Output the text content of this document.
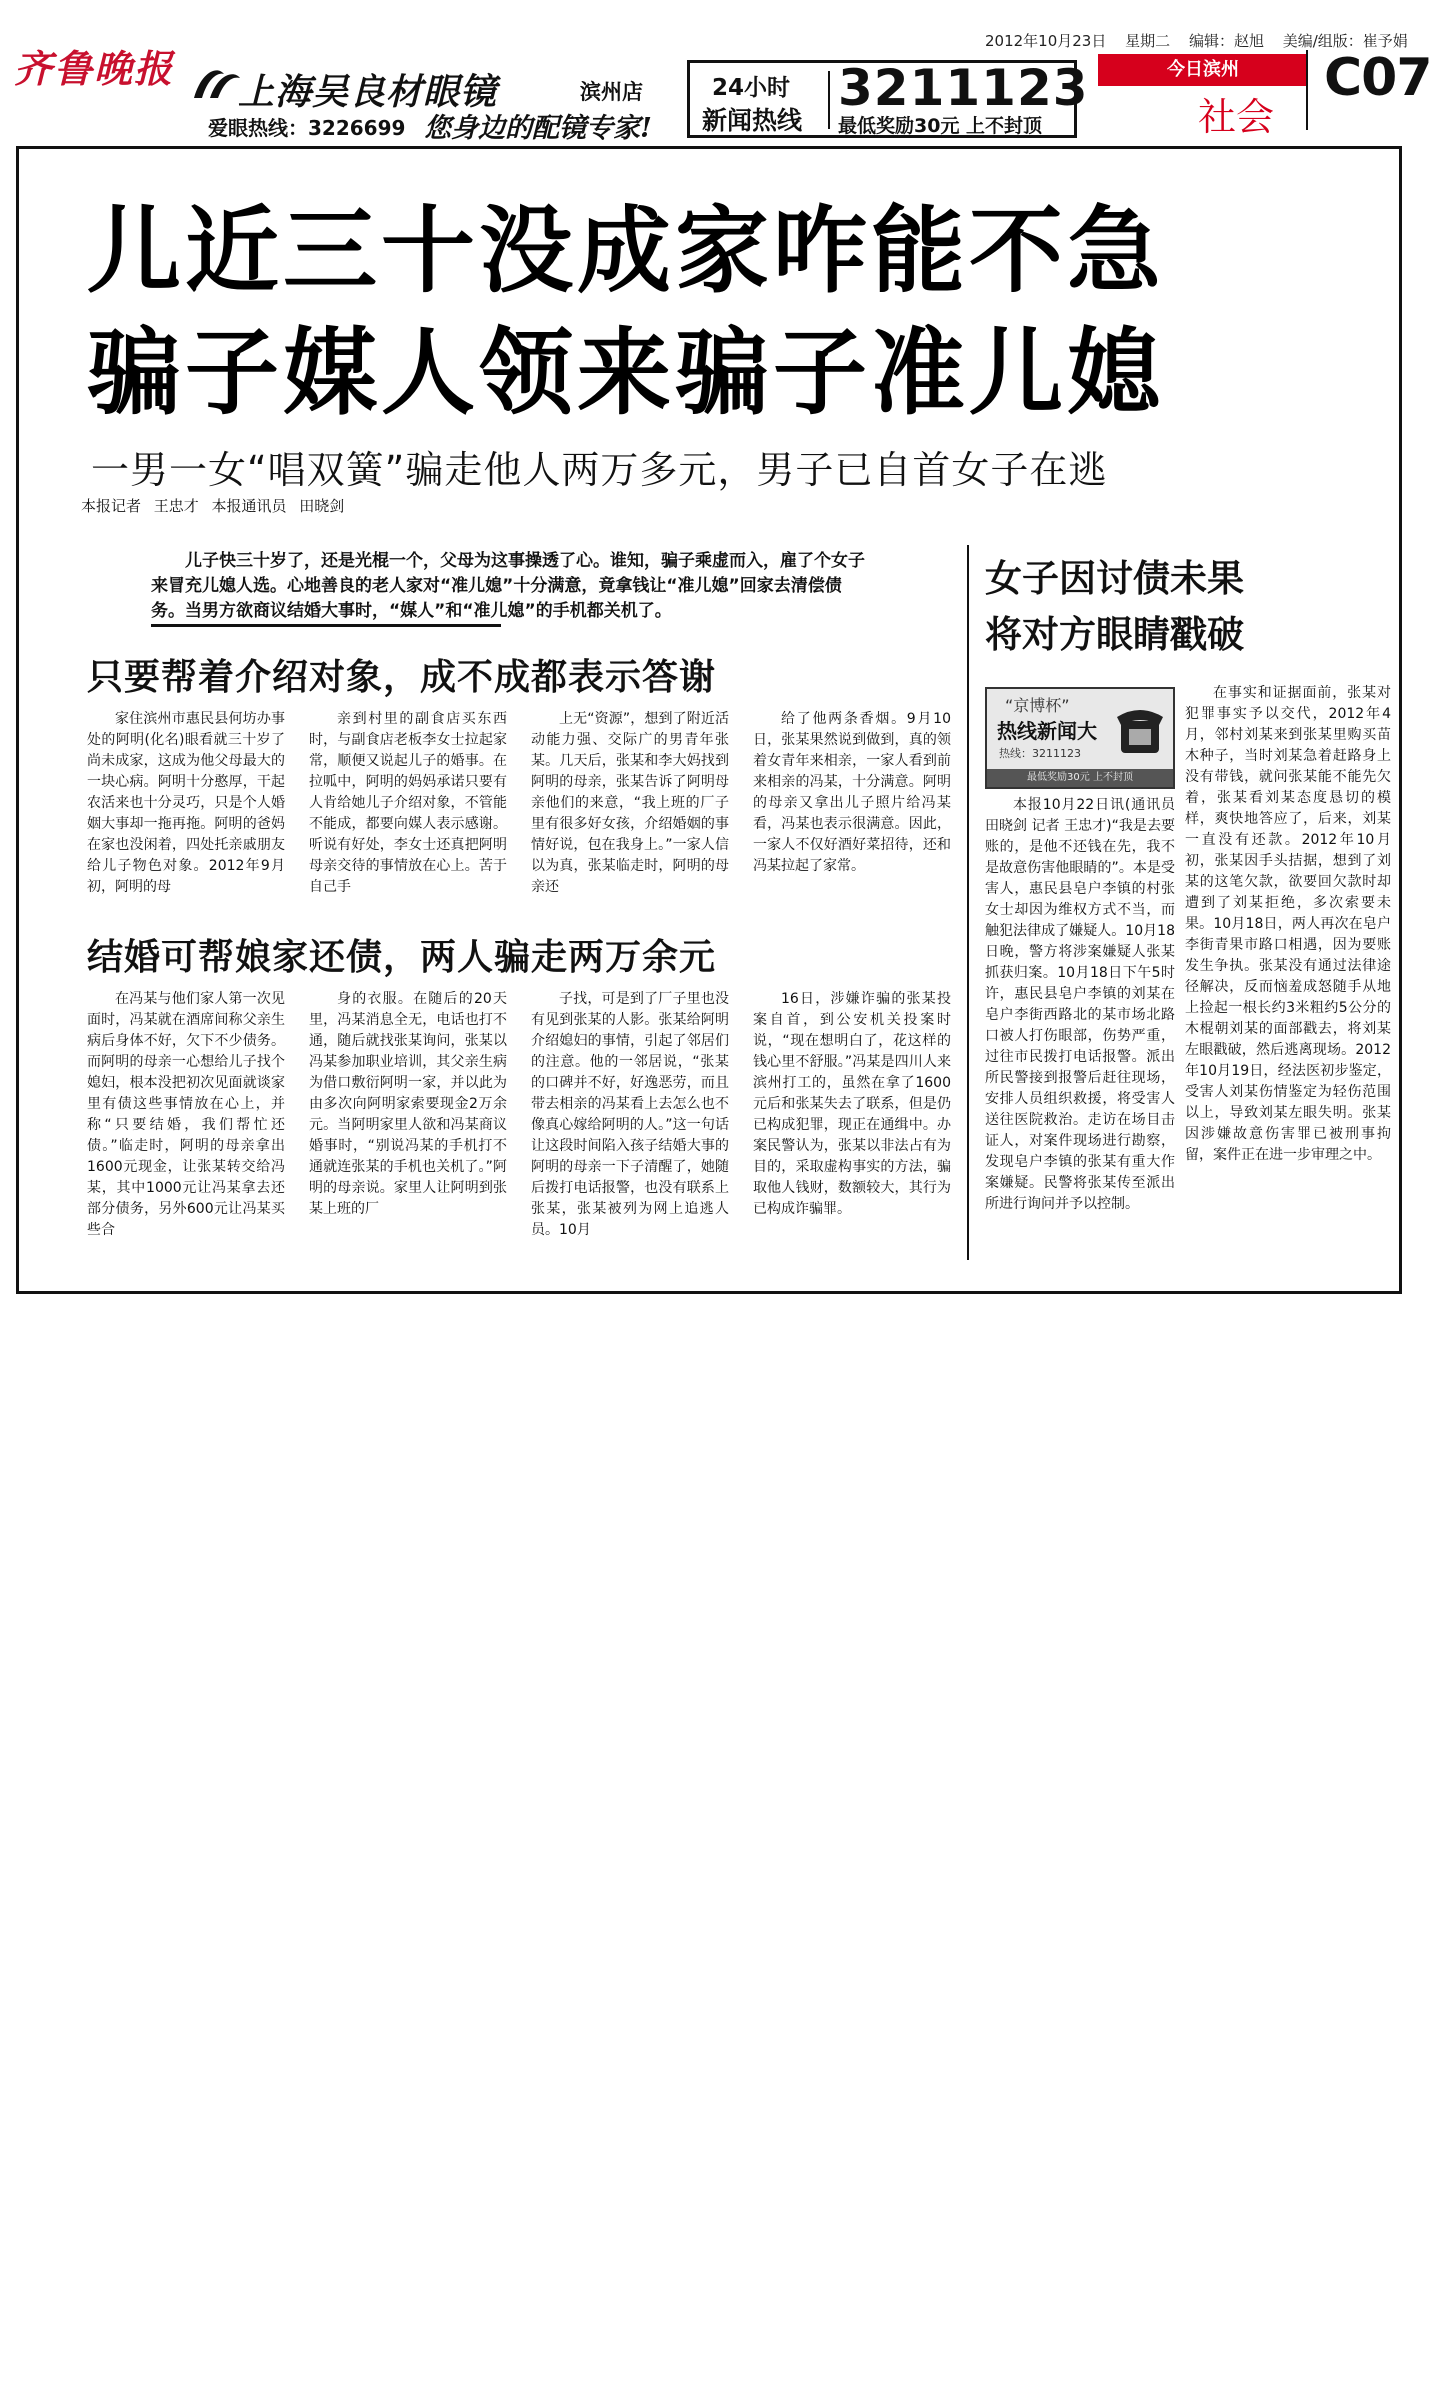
齐鲁晚报
上海吴良材眼镜	滨州店
爱眼热线：3226699 您身边的配镜专家!
24小时
新闻热线
3211123
最低奖励30元 上不封顶
2012年10月23日 星期二 编辑：赵旭 美编/组版：崔予娟
今日滨州
社会
C07
儿近三十没成家咋能不急
骗子媒人领来骗子准儿媳
一男一女“唱双簧”骗走他人两万多元，男子已自首女子在逃
本报记者 王忠才 本报通讯员 田晓剑
儿子快三十岁了，还是光棍一个，父母为这事操透了心。谁知，骗子乘虚而入，雇了个女子来冒充儿媳人选。心地善良的老人家对“准儿媳”十分满意，竟拿钱让“准儿媳”回家去清偿债务。当男方欲商议结婚大事时，“媒人”和“准儿媳”的手机都关机了。
只要帮着介绍对象，成不成都表示答谢

家住滨州市惠民县何坊办事处的阿明(化名)眼看就三十岁了尚未成家，这成为他父母最大的一块心病。阿明十分憨厚，干起农活来也十分灵巧，只是个人婚姻大事却一拖再拖。阿明的爸妈在家也没闲着，四处托亲戚朋友给儿子物色对象。2012年9月初，阿明的母

亲到村里的副食店买东西时，与副食店老板李女士拉起家常，顺便又说起儿子的婚事。在拉呱中，阿明的妈妈承诺只要有人肯给她儿子介绍对象，不管能不能成，都要向媒人表示感谢。听说有好处，李女士还真把阿明母亲交待的事情放在心上。苦于自己手

上无“资源”，想到了附近活动能力强、交际广的男青年张某。几天后，张某和李大妈找到阿明的母亲，张某告诉了阿明母亲他们的来意，“我上班的厂子里有很多好女孩，介绍婚姻的事情好说，包在我身上。”一家人信以为真，张某临走时，阿明的母亲还

给了他两条香烟。9月10日，张某果然说到做到，真的领着女青年来相亲，一家人看到前来相亲的冯某，十分满意。阿明的母亲又拿出儿子照片给冯某看，冯某也表示很满意。因此，一家人不仅好酒好菜招待，还和冯某拉起了家常。

结婚可帮娘家还债，两人骗走两万余元

在冯某与他们家人第一次见面时，冯某就在酒席间称父亲生病后身体不好，欠下不少债务。而阿明的母亲一心想给儿子找个媳妇，根本没把初次见面就谈家里有债这些事情放在心上，并称“只要结婚，我们帮忙还债。”临走时，阿明的母亲拿出1600元现金，让张某转交给冯某，其中1000元让冯某拿去还部分债务，另外600元让冯某买些合

身的衣服。在随后的20天里，冯某消息全无，电话也打不通，随后就找张某询问，张某以冯某参加职业培训，其父亲生病为借口敷衍阿明一家，并以此为由多次向阿明家索要现金2万余元。当阿明家里人欲和冯某商议婚事时，“别说冯某的手机打不通就连张某的手机也关机了。”阿明的母亲说。家里人让阿明到张某上班的厂

子找，可是到了厂子里也没有见到张某的人影。张某给阿明介绍媳妇的事情，引起了邻居们的注意。他的一邻居说，“张某的口碑并不好，好逸恶劳，而且带去相亲的冯某看上去怎么也不像真心嫁给阿明的人。”这一句话让这段时间陷入孩子结婚大事的阿明的母亲一下子清醒了，她随后拨打电话报警，也没有联系上张某，张某被列为网上追逃人员。10月

16日，涉嫌诈骗的张某投案自首，到公安机关投案时说，“现在想明白了，花这样的钱心里不舒服。”冯某是四川人来滨州打工的，虽然在拿了1600元后和张某失去了联系，但是仍已构成犯罪，现正在通缉中。办案民警认为，张某以非法占有为目的，采取虚构事实的方法，骗取他人钱财，数额较大，其行为已构成诈骗罪。

女子因讨债未果
将对方眼睛戳破
“京博杯”
热线新闻大
热线：3211123
最低奖励30元 上不封顶

在事实和证据面前，张某对犯罪事实予以交代，2012年4月，邻村刘某来到张某里购买苗木种子，当时刘某急着赶路身上没有带钱，就问张某能不能先欠着，张某看刘某态度恳切的模样，爽快地答应了，后来，刘某一直没有还款。2012年10月初，张某因手头拮据，想到了刘某的这笔欠款，欲要回欠款时却遭到了刘某拒绝，多次索要未果。10月18日，两人再次在皂户李街青果市路口相遇，因为要账发生争执。张某没有通过法律途径解决，反而恼羞成怒随手从地上捡起一根长约3米粗约5公分的木棍朝刘某的面部戳去，将刘某左眼戳破，然后逃离现场。2012年10月19日，经法医初步鉴定，受害人刘某伤情鉴定为轻伤范围以上，导致刘某左眼失明。张某因涉嫌故意伤害罪已被刑事拘留，案件正在进一步审理之中。

本报10月22日讯(通讯员 田晓剑 记者 王忠才)“我是去要账的，是他不还钱在先，我不是故意伤害他眼睛的”。本是受害人，惠民县皂户李镇的村张女士却因为维权方式不当，而触犯法律成了嫌疑人。10月18日晚，警方将涉案嫌疑人张某抓获归案。10月18日下午5时许，惠民县皂户李镇的刘某在皂户李街西路北的某市场北路口被人打伤眼部，伤势严重，过往市民拨打电话报警。派出所民警接到报警后赶往现场，安排人员组织救援，将受害人送往医院救治。走访在场目击证人，对案件现场进行勘察，发现皂户李镇的张某有重大作案嫌疑。民警将张某传至派出所进行询问并予以控制。
